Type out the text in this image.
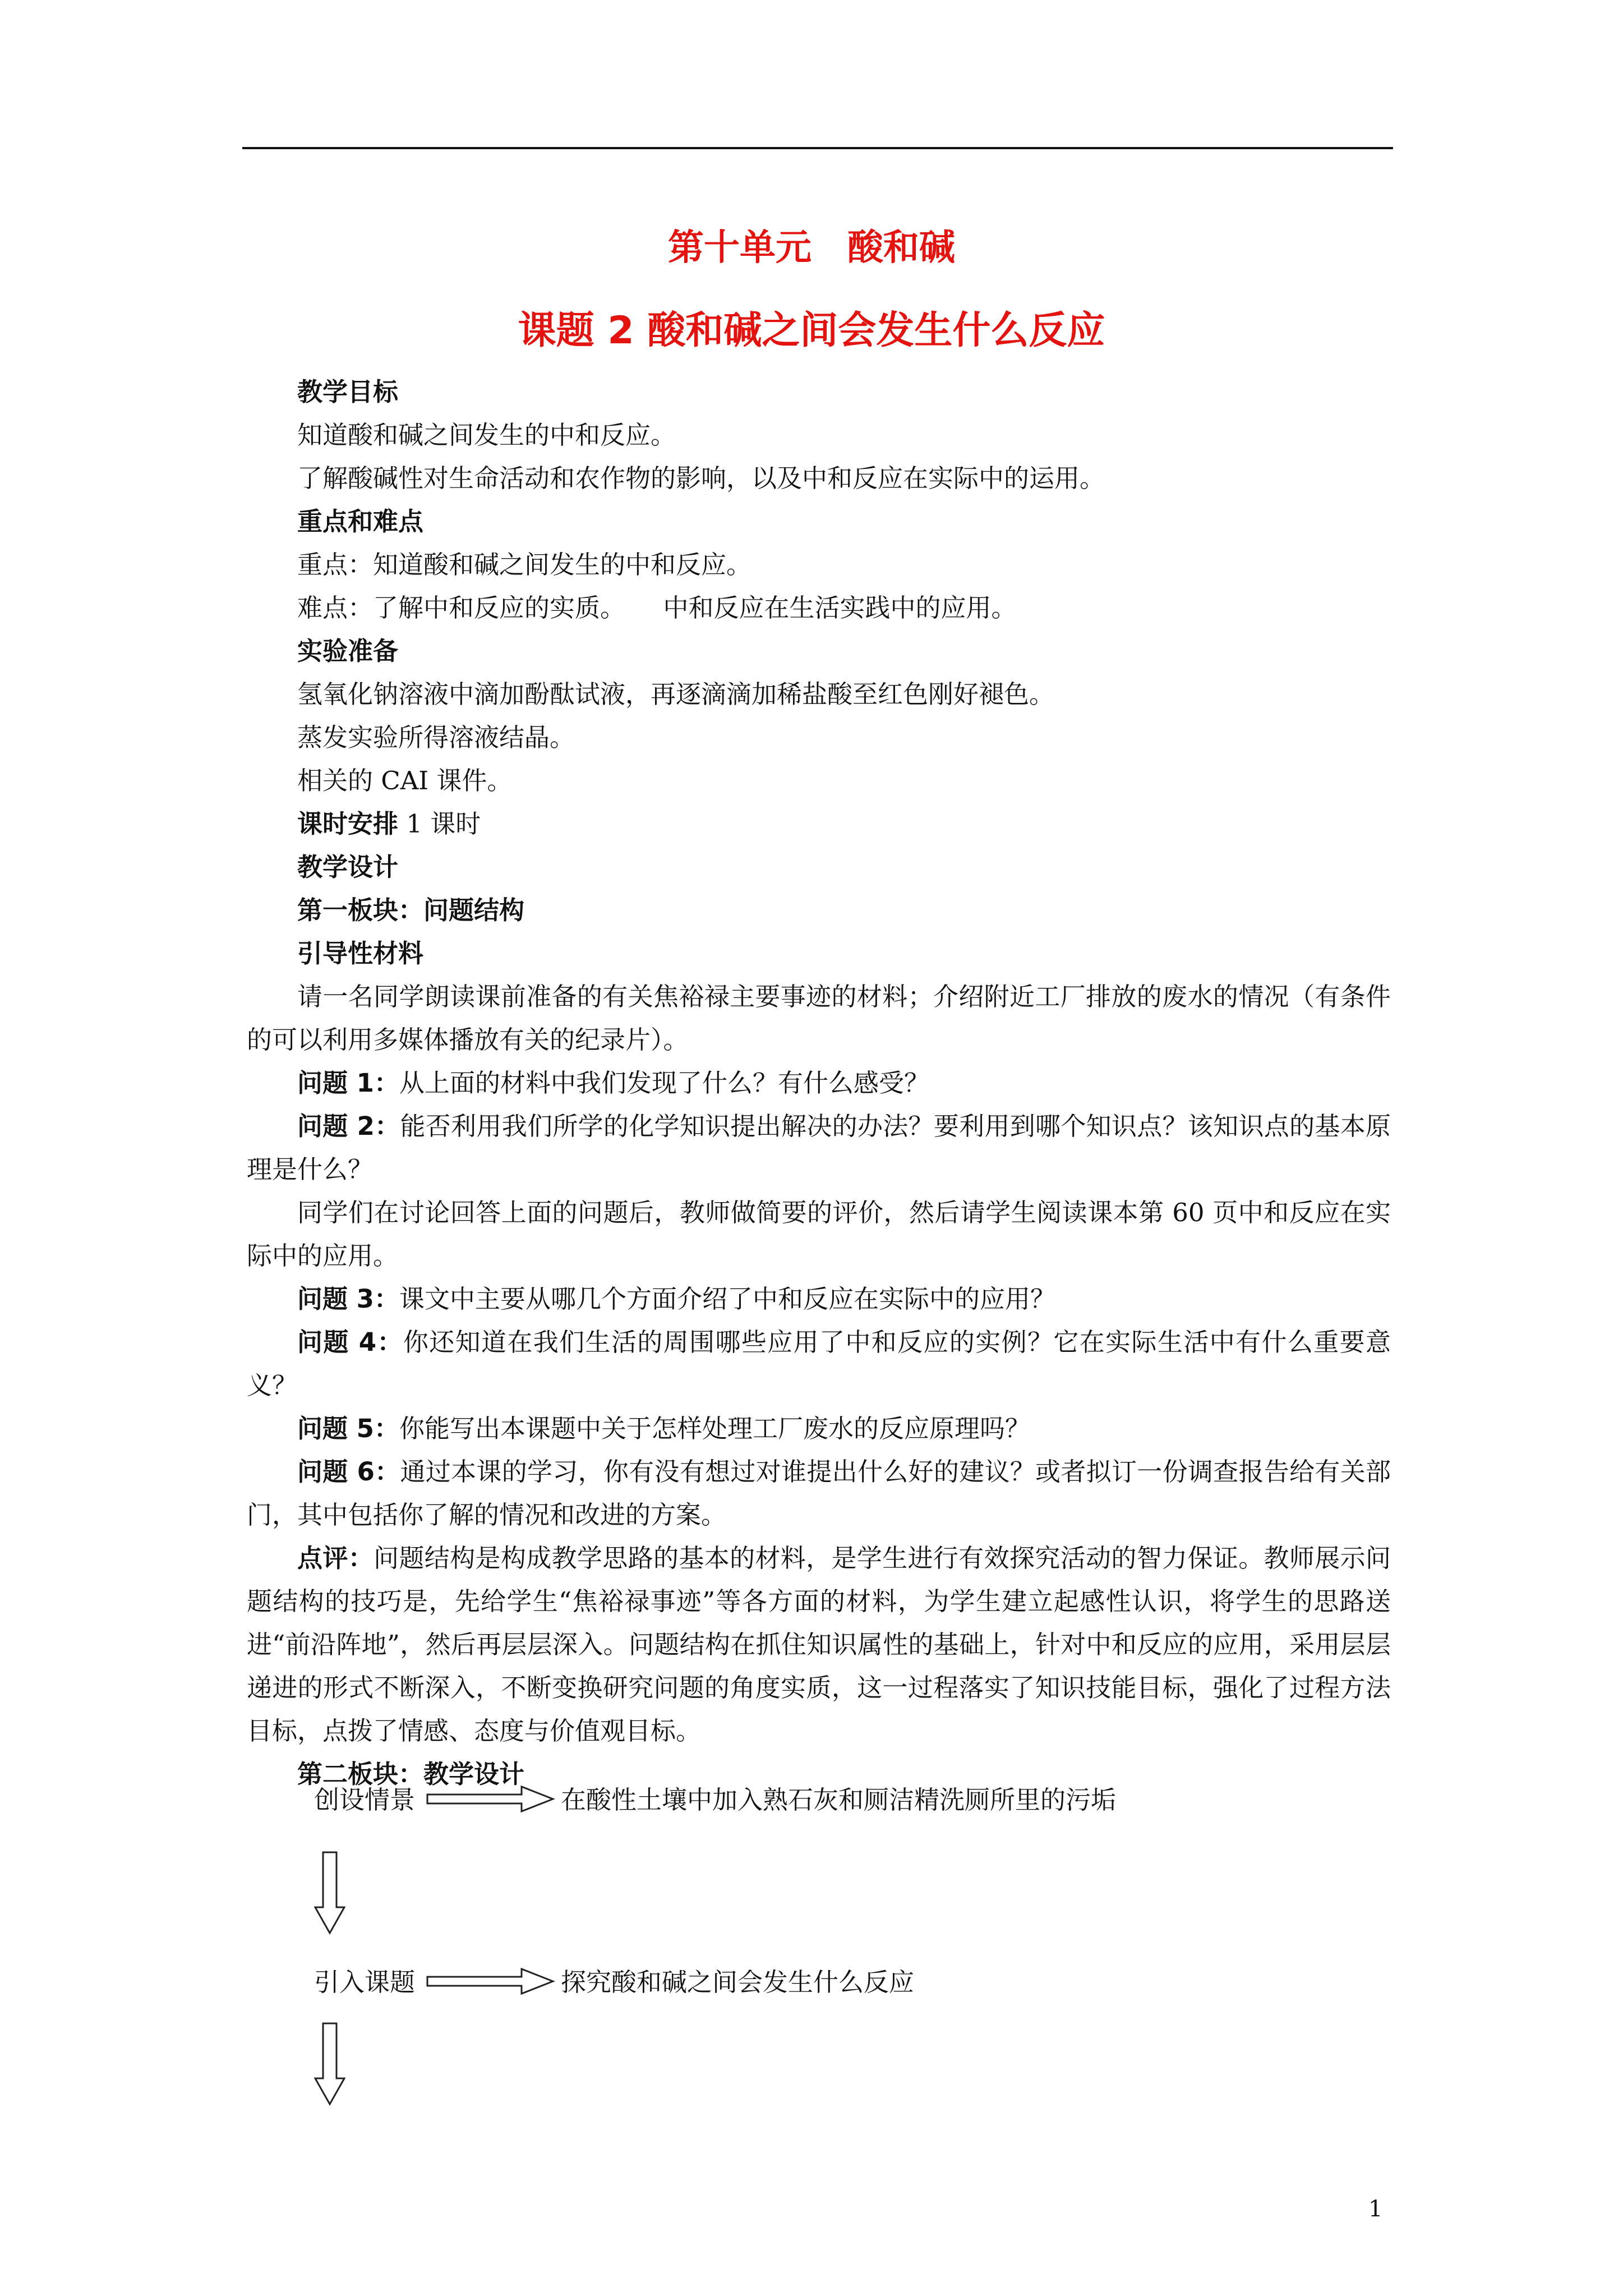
第十单元　酸和碱
课题 2 酸和碱之间会发生什么反应

教学目标

知道酸和碱之间发生的中和反应。

了解酸碱性对生命活动和农作物的影响，以及中和反应在实际中的运用。

重点和难点

重点：知道酸和碱之间发生的中和反应。

难点：了解中和反应的实质。　　中和反应在生活实践中的应用。

实验准备

氢氧化钠溶液中滴加酚酞试液，再逐滴滴加稀盐酸至红色刚好褪色。

蒸发实验所得溶液结晶。

相关的 CAI 课件。

课时安排 1 课时

教学设计

第一板块：问题结构

引导性材料

请一名同学朗读课前准备的有关焦裕禄主要事迹的材料；介绍附近工厂排放的废水的情况（有条件的可以利用多媒体播放有关的纪录片）。

问题 1：从上面的材料中我们发现了什么？有什么感受？

问题 2：能否利用我们所学的化学知识提出解决的办法？要利用到哪个知识点？该知识点的基本原理是什么？

同学们在讨论回答上面的问题后，教师做简要的评价，然后请学生阅读课本第 60 页中和反应在实际中的应用。

问题 3：课文中主要从哪几个方面介绍了中和反应在实际中的应用？

问题 4：你还知道在我们生活的周围哪些应用了中和反应的实例？它在实际生活中有什么重要意义？

问题 5：你能写出本课题中关于怎样处理工厂废水的反应原理吗？

问题 6：通过本课的学习，你有没有想过对谁提出什么好的建议？或者拟订一份调查报告给有关部门，其中包括你了解的情况和改进的方案。

点评：问题结构是构成教学思路的基本的材料，是学生进行有效探究活动的智力保证。教师展示问题结构的技巧是，先给学生“焦裕禄事迹”等各方面的材料，为学生建立起感性认识，将学生的思路送进“前沿阵地”，然后再层层深入。问题结构在抓住知识属性的基础上，针对中和反应的应用，采用层层递进的形式不断深入，不断变换研究问题的角度实质，这一过程落实了知识技能目标，强化了过程方法目标，点拨了情感、态度与价值观目标。

第二板块：教学设计

创设情景	在酸性土壤中加入熟石灰和厕洁精洗厕所里的污垢
引入课题	探究酸和碱之间会发生什么反应
1
